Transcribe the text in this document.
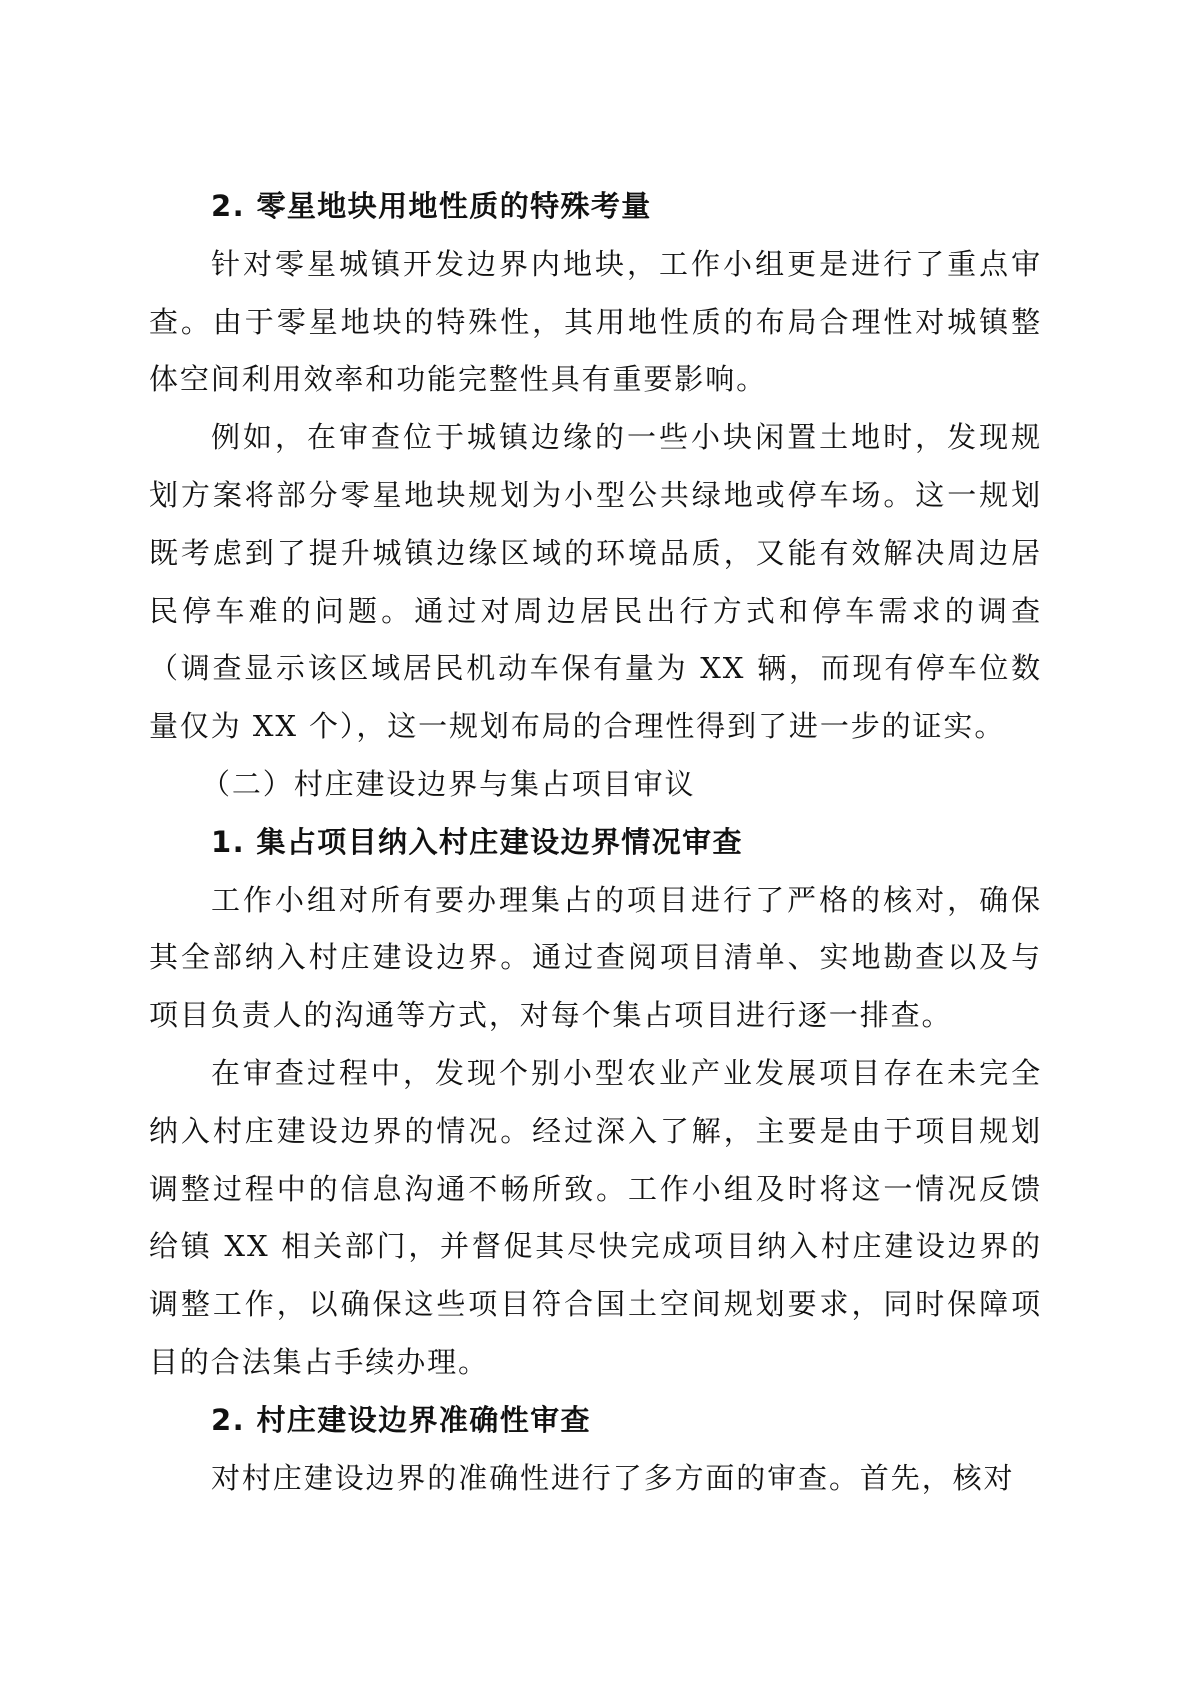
2. 零星地块用地性质的特殊考量

针对零星城镇开发边界内地块，工作小组更是进行了重点审查。由于零星地块的特殊性，其用地性质的布局合理性对城镇整体空间利用效率和功能完整性具有重要影响。

例如，在审查位于城镇边缘的一些小块闲置土地时，发现规划方案将部分零星地块规划为小型公共绿地或停车场。这一规划既考虑到了提升城镇边缘区域的环境品质，又能有效解决周边居民停车难的问题。通过对周边居民出行方式和停车需求的调查（调查显示该区域居民机动车保有量为 XX 辆，而现有停车位数量仅为 XX 个），这一规划布局的合理性得到了进一步的证实。

（二）村庄建设边界与集占项目审议

1. 集占项目纳入村庄建设边界情况审查

工作小组对所有要办理集占的项目进行了严格的核对，确保其全部纳入村庄建设边界。通过查阅项目清单、实地勘查以及与项目负责人的沟通等方式，对每个集占项目进行逐一排查。

在审查过程中，发现个别小型农业产业发展项目存在未完全纳入村庄建设边界的情况。经过深入了解，主要是由于项目规划调整过程中的信息沟通不畅所致。工作小组及时将这一情况反馈给镇 XX 相关部门，并督促其尽快完成项目纳入村庄建设边界的调整工作，以确保这些项目符合国土空间规划要求，同时保障项目的合法集占手续办理。

2. 村庄建设边界准确性审查

对村庄建设边界的准确性进行了多方面的审查。首先，核对
